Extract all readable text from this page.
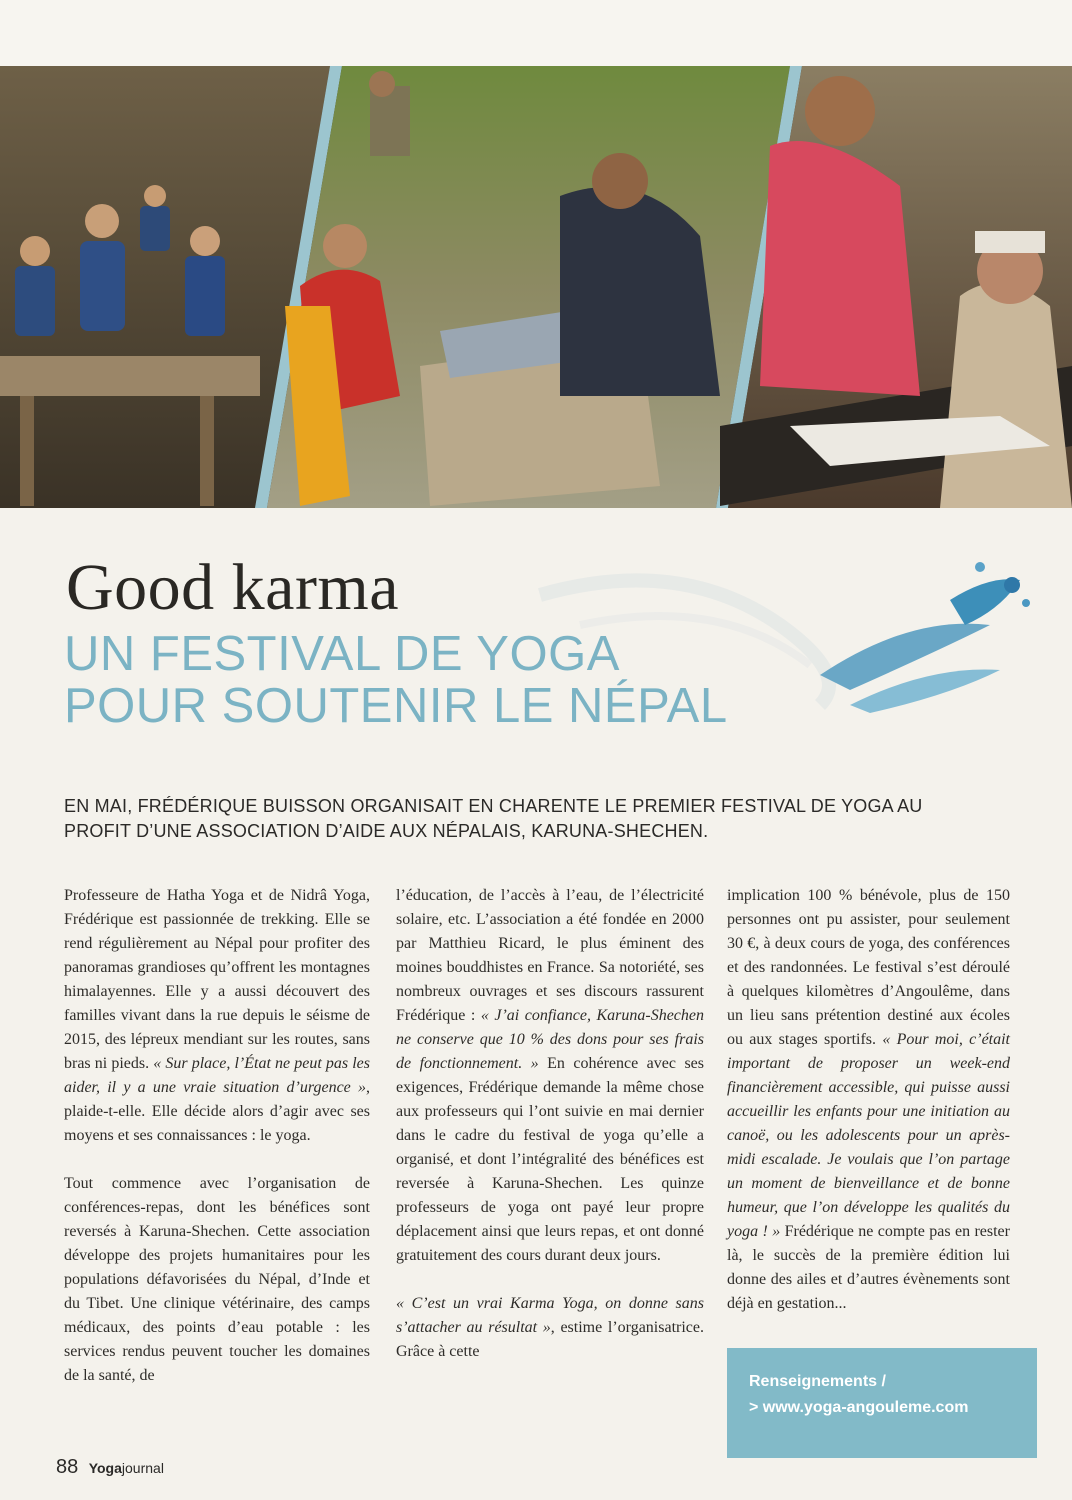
Good karma
UN FESTIVAL DE YOGA
POUR SOUTENIR LE NÉPAL

EN MAI, FRÉDÉRIQUE BUISSON ORGANISAIT EN CHARENTE LE PREMIER FESTIVAL DE YOGA AU PROFIT D’UNE ASSOCIATION D’AIDE AUX NÉPALAIS, KARUNA-SHECHEN.

Professeure de Hatha Yoga et de Nidrâ Yoga, Frédérique est passionnée de trekking. Elle se rend régulièrement au Népal pour profiter des panoramas grandioses qu’offrent les montagnes himalayennes. Elle y a aussi découvert des familles vivant dans la rue depuis le séisme de 2015, des lépreux mendiant sur les routes, sans bras ni pieds. « Sur place, l’État ne peut pas les aider, il y a une vraie situation d’urgence », plaide-t-elle. Elle décide alors d’agir avec ses moyens et ses connaissances : le yoga.

Tout commence avec l’organisation de conférences-repas, dont les bénéfices sont reversés à Karuna-Shechen. Cette association développe des projets humanitaires pour les populations défavorisées du Népal, d’Inde et du Tibet. Une clinique vétérinaire, des camps médicaux, des points d’eau potable : les services rendus peuvent toucher les domaines de la santé, de

l’éducation, de l’accès à l’eau, de l’électricité solaire, etc. L’association a été fondée en 2000 par Matthieu Ricard, le plus éminent des moines bouddhistes en France. Sa notoriété, ses nombreux ouvrages et ses discours rassurent Frédérique : « J’ai confiance, Karuna-Shechen ne conserve que 10 % des dons pour ses frais de fonctionnement. » En cohérence avec ses exigences, Frédérique demande la même chose aux professeurs qui l’ont suivie en mai dernier dans le cadre du festival de yoga qu’elle a organisé, et dont l’intégralité des bénéfices est reversée à Karuna-Shechen. Les quinze professeurs de yoga ont payé leur propre déplacement ainsi que leurs repas, et ont donné gratuitement des cours durant deux jours.

« C’est un vrai Karma Yoga, on donne sans s’attacher au résultat », estime l’organisatrice. Grâce à cette

implication 100 % bénévole, plus de 150 personnes ont pu assister, pour seulement 30 €, à deux cours de yoga, des conférences et des randonnées. Le festival s’est déroulé à quelques kilomètres d’Angoulême, dans un lieu sans prétention destiné aux écoles ou aux stages sportifs. « Pour moi, c’était important de proposer un week-end financièrement accessible, qui puisse aussi accueillir les enfants pour une initiation au canoë, ou les adolescents pour un après-midi escalade. Je voulais que l’on partage un moment de bienveillance et de bonne humeur, que l’on développe les qualités du yoga ! » Frédérique ne compte pas en rester là, le succès de la première édition lui donne des ailes et d’autres évènements sont déjà en gestation...

Renseignements /
> www.yoga-angouleme.com
88 Yogajournal
